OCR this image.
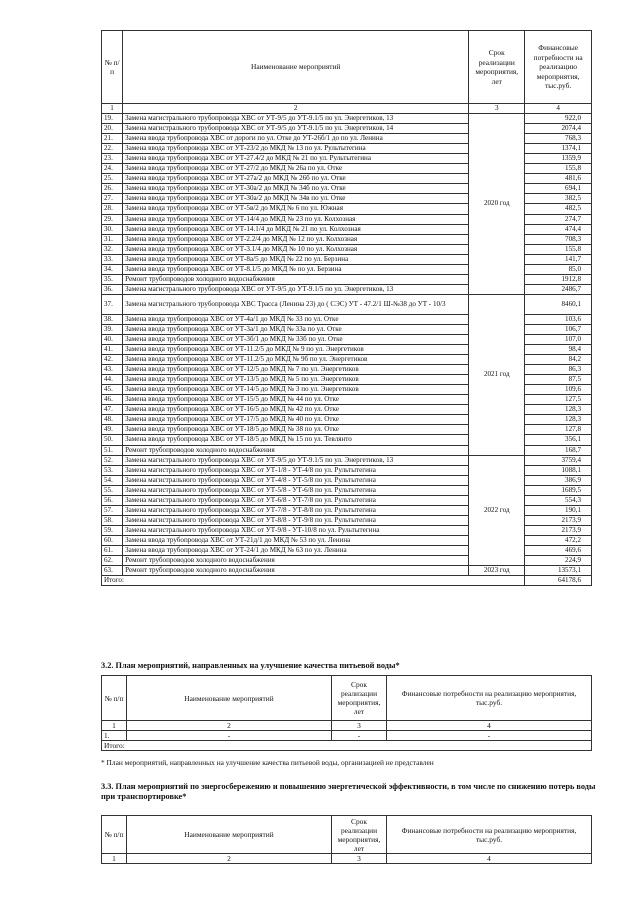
№ п/п	Наименование мероприятий	Срок реализации мероприятия, лет	Финансовые потребности на реализацию мероприятия, тыс.руб.
1	2	3	4
19.	Замена магистрального трубопровода ХВС от УТ-9/5 до УТ-9.1/5 по ул. Энергетиков, 13	2020 год	922,0
20.	Замена магистрального трубопровода ХВС от УТ-9/5 до УТ-9.1/5 по ул. Энергетиков, 14		2074,4
21.	Замена ввода трубопровода ХВС от дороги по ул. Отке до УТ-26б/1 до по ул. Ленина		768,3
22.	Замена ввода трубопровода ХВС от УТ-23/2 до МКД № 13 по ул. Рультытегина		1374,1
23.	Замена ввода трубопровода ХВС от УТ-27.4/2 до МКД № 21 по ул. Рультытегина		1359,9
24.	Замена ввода трубопровода ХВС от УТ-27/2 до МКД № 26а по ул. Отке		155,8
25.	Замена ввода трубопровода ХВС от УТ-27а/2 до МКД № 26б по ул. Отке		481,6
26.	Замена ввода трубопровода ХВС от УТ-30а/2 до МКД № 34б по ул. Отке		694,1
27.	Замена ввода трубопровода ХВС от УТ-30а/2 до МКД № 34в по ул. Отке		382,5
28.	Замена ввода трубопровода ХВС от УТ-5в/2 до МКД № 6 по ул. Южная		482,5
29.	Замена ввода трубопровода ХВС от УТ-14/4 до МКД № 23 по ул. Колхозная		274,7
30.	Замена ввода трубопровода ХВС от УТ-14.1/4 до МКД № 21 по ул. Колхозная		474,4
31.	Замена ввода трубопровода ХВС от УТ-2.2/4 до МКД № 12 по ул. Колхозная		708,3
32.	Замена ввода трубопровода ХВС от УТ-3.1/4 до МКД № 10 по ул. Колхозная		155,8
33.	Замена ввода трубопровода ХВС от УТ-8а/5 до МКД № 22 по ул. Берзина		141,7
34.	Замена ввода трубопровода ХВС от УТ-8.1/5 до МКД № по ул. Берзина		85,0
35.	Ремонт трубопроводов холодного водоснабжения		1912,8
36.	Замена магистрального трубопровода ХВС от УТ-9/5 до УТ-9.1/5 по ул. Энергетиков, 13		2486,7
37.	Замена магистрального трубопровода ХВС Трасса (Ленина 23) до ( СЭС) УТ - 47.2/1 Ш-№38 до УТ - 10/3	2021 год	8460,1
38.	Замена ввода трубопровода ХВС от УТ-4а/1 до МКД № 33 по ул. Отке		103,6
39.	Замена ввода трубопровода ХВС от УТ-3а/1 до МКД № 33а по ул. Отке		106,7
40.	Замена ввода трубопровода ХВС от УТ-3б/1 до МКД № 33б по ул. Отке		107,0
41.	Замена ввода трубопровода ХВС от УТ-11.2/5 до МКД № 9 по ул. Энергетиков		98,4
42.	Замена ввода трубопровода ХВС от УТ-11.2/5 до МКД № 9б по ул. Энергетиков		84,2
43.	Замена ввода трубопровода ХВС от УТ-12/5 до МКД № 7 по ул. Энергетиков		86,3
44.	Замена ввода трубопровода ХВС от УТ-13/5 до МКД № 5 по ул. Энергетиков		87,5
45.	Замена ввода трубопровода ХВС от УТ-14/5 до МКД № 3 по ул. Энергетиков		109,6
46.	Замена ввода трубопровода ХВС от УТ-15/5 до МКД № 44 по ул. Отке		127,5
47.	Замена ввода трубопровода ХВС от УТ-16/5 до МКД № 42 по ул. Отке		128,3
48.	Замена ввода трубопровода ХВС от УТ-17/5 до МКД № 40 по ул. Отке		128,3
49.	Замена ввода трубопровода ХВС от УТ-18/5 до МКД № 38 по ул. Отке		127,8
50.	Замена ввода трубопровода ХВС от УТ-18/5 до МКД № 15 по ул. Тевлянто		356,1
51.	Ремонт трубопроводов холодного водоснабжения		168,7
52.	Замена магистрального трубопровода ХВС от УТ-9/5 до УТ-9.1/5 по ул. Энергетиков, 13	2022 год	3759,4
53.	Замена магистрального трубопровода ХВС от УТ-1/8 - УТ-4/8 по ул. Рультытегина		1088,1
54.	Замена магистрального трубопровода ХВС от УТ-4/8 - УТ-5/8 по ул. Рультытегина		386,9
55.	Замена магистрального трубопровода ХВС от УТ-5/8 - УТ-6/8 по ул. Рультытегина		1689,5
56.	Замена магистрального трубопровода ХВС от УТ-6/8 - УТ-7/8 по ул. Рультытегина		554,3
57.	Замена магистрального трубопровода ХВС от УТ-7/8 - УТ-8/8 по ул. Рультытегина		190,1
58.	Замена магистрального трубопровода ХВС от УТ-8/8 - УТ-9/8 по ул. Рультытегина		2173,9
59.	Замена магистрального трубопровода ХВС от УТ-9/8 - УТ-10/8 по ул. Рультытегина		2173,9
60.	Замена ввода трубопровода ХВС от УТ-21д/1 до МКД № 53 по ул. Ленина		472,2
61.	Замена ввода трубопровода ХВС от УТ-24/1 до МКД № 63 по ул. Ленина		469,6
62.	Ремонт трубопроводов холодного водоснабжения		224,9
63.	Ремонт трубопроводов холодного водоснабжения	2023 год	13573,1
Итого:			64178,6
3.2. План мероприятий, направленных на улучшение качества питьевой воды*
№ п/п	Наименование мероприятий	Срок реализации мероприятия, лет	Финансовые потребности на реализацию мероприятия, тыс.руб.
1	2	3	4
1.	-	-	-
Итого:			
* План мероприятий, направленных на улучшение качества питьевой воды, организацией не представлен
3.3. План мероприятий по энергосбережению и повышению энергетической эффективности, в том числе по снижению потерь воды при транспортировке*
№ п/п	Наименование мероприятий	Срок реализации мероприятия, лет	Финансовые потребности на реализацию мероприятия, тыс.руб.
1	2	3	4
